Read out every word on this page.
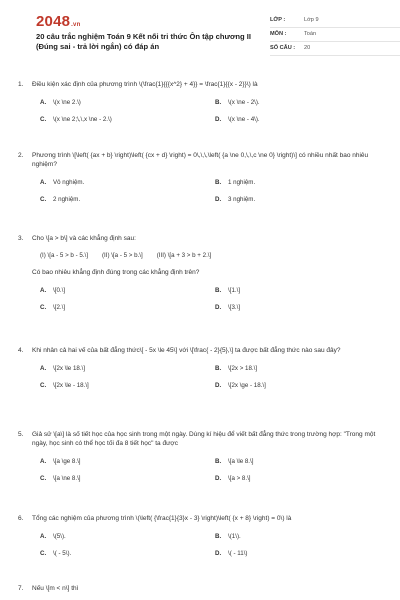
2048.vn
20 câu trắc nghiệm Toán 9 Kết nối tri thức Ôn tập chương II (Đúng sai - trả lời ngắn) có đáp án
LỚP :	Lớp 9
MÔN :	Toán
SỐ CÂU :	20
1.	Điều kiện xác định của phương trình \(\frac{1}{{{x^2} + 4}} = \frac{1}{{x - 2}}\) là
A. \(x \ne 2.\)	B. \(x \ne - 2\).
C. \(x \ne 2;\,\,x \ne - 2.\)	D. \(x \ne - 4\).
2.	Phương trình \[\left( {ax + b} \right)\left( {cx + d} \right) = 0\,\,\,\left( {a \ne 0,\,\,c \ne 0} \right)\] có nhiều nhất bao nhiêu nghiệm?
A. Vô nghiệm.	B. 1 nghiệm.
C. 2 nghiệm.	D. 3 nghiệm.
3.	Cho \[a > b\] và các khẳng định sau:
(I) \[a - 5 > b - 5.\] (II) \[a - 5 > b.\] (III) \[a + 3 > b + 2.\]
Có bao nhiêu khẳng định đúng trong các khẳng định trên?
A. \[0.\]	B. \[1.\]
C. \[2.\]	D. \[3.\]
4.	Khi nhân cả hai vế của bất đẳng thức\[ - 5x \le 45\] với \[\frac{ - 2}{5},\] ta được bất đẳng thức nào sau đây?
A. \[2x \le 18.\]	B. \[2x > 18.\]
C. \[2x \le - 18.\]	D. \[2x \ge - 18.\]
5.	Giả sử \[a\] là số tiết học của học sinh trong một ngày. Dùng kí hiệu để viết bất đẳng thức trong trường hợp: "Trong một ngày, học sinh có thể học tối đa 8 tiết học" ta được
A. \[a \ge 8.\]	B. \[a \le 8.\]
C. \[a \ne 8.\]	D. \[a > 8.\]
6.	Tổng các nghiệm của phương trình \(\left( {\frac{1}{3}x - 3} \right)\left( {x + 8} \right) = 0\) là
A. \(5\).	B. \(1\).
C. \( - 5\).	D. \( - 11\)
7.	Nếu \[m < n\] thì
